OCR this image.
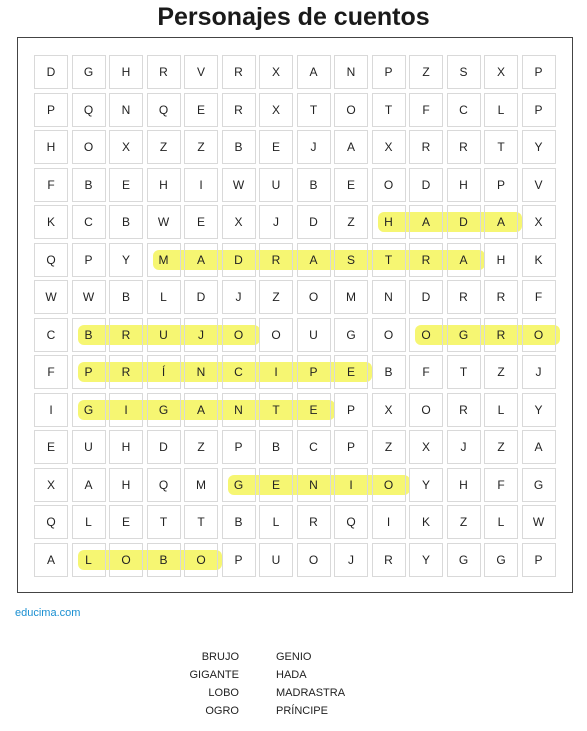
Personajes de cuentos
D	G	H	R	V	R	X	A	N	P	Z	S	X	P
P	Q	N	Q	E	R	X	T	O	T	F	C	L	P
H	O	X	Z	Z	B	E	J	A	X	R	R	T	Y
F	B	E	H	I	W	U	B	E	O	D	H	P	V
K	C	B	W	E	X	J	D	Z	H	A	D	A	X
Q	P	Y	M	A	D	R	A	S	T	R	A	H	K
W	W	B	L	D	J	Z	O	M	N	D	R	R	F
C	B	R	U	J	O	O	U	G	O	O	G	R	O
F	P	R	Í	N	C	I	P	E	B	F	T	Z	J
I	G	I	G	A	N	T	E	P	X	O	R	L	Y
E	U	H	D	Z	P	B	C	P	Z	X	J	Z	A
X	A	H	Q	M	G	E	N	I	O	Y	H	F	G
Q	L	E	T	T	B	L	R	Q	I	K	Z	L	W
A	L	O	B	O	P	U	O	J	R	Y	G	G	P
educima.com
BRUJO
GIGANTE
LOBO
OGRO
GENIO
HADA
MADRASTRA
PRÍNCIPE
